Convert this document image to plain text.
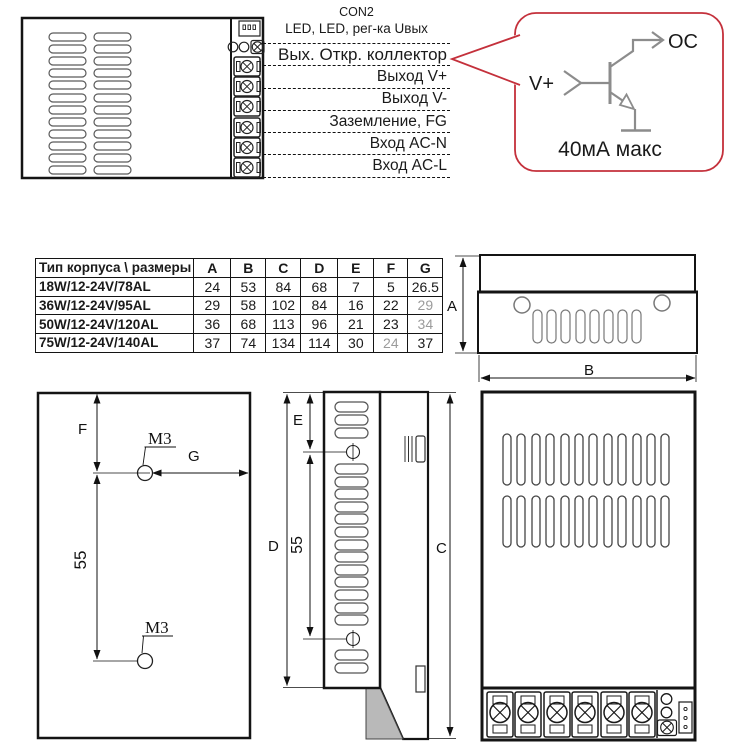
CON2
LED, LED, рег-ка Uвых
Вых. Откр. коллектор
Выход V+
Выход V-
Заземление, FG
Вход AC-N
Вход AC-L
V+
OC
40мА макс
Тип корпуса \ размеры	A	B	C	D	E	F	G
18W/12-24V/78AL	24	53	84	68	7	5	26.5
36W/12-24V/95AL	29	58	102	84	16	22	29
50W/12-24V/120AL	36	68	113	96	21	23	34
75W/12-24V/140AL	37	74	134	114	30	24	37
A
B
F
G
M3
M3
55
E
D	C
55
